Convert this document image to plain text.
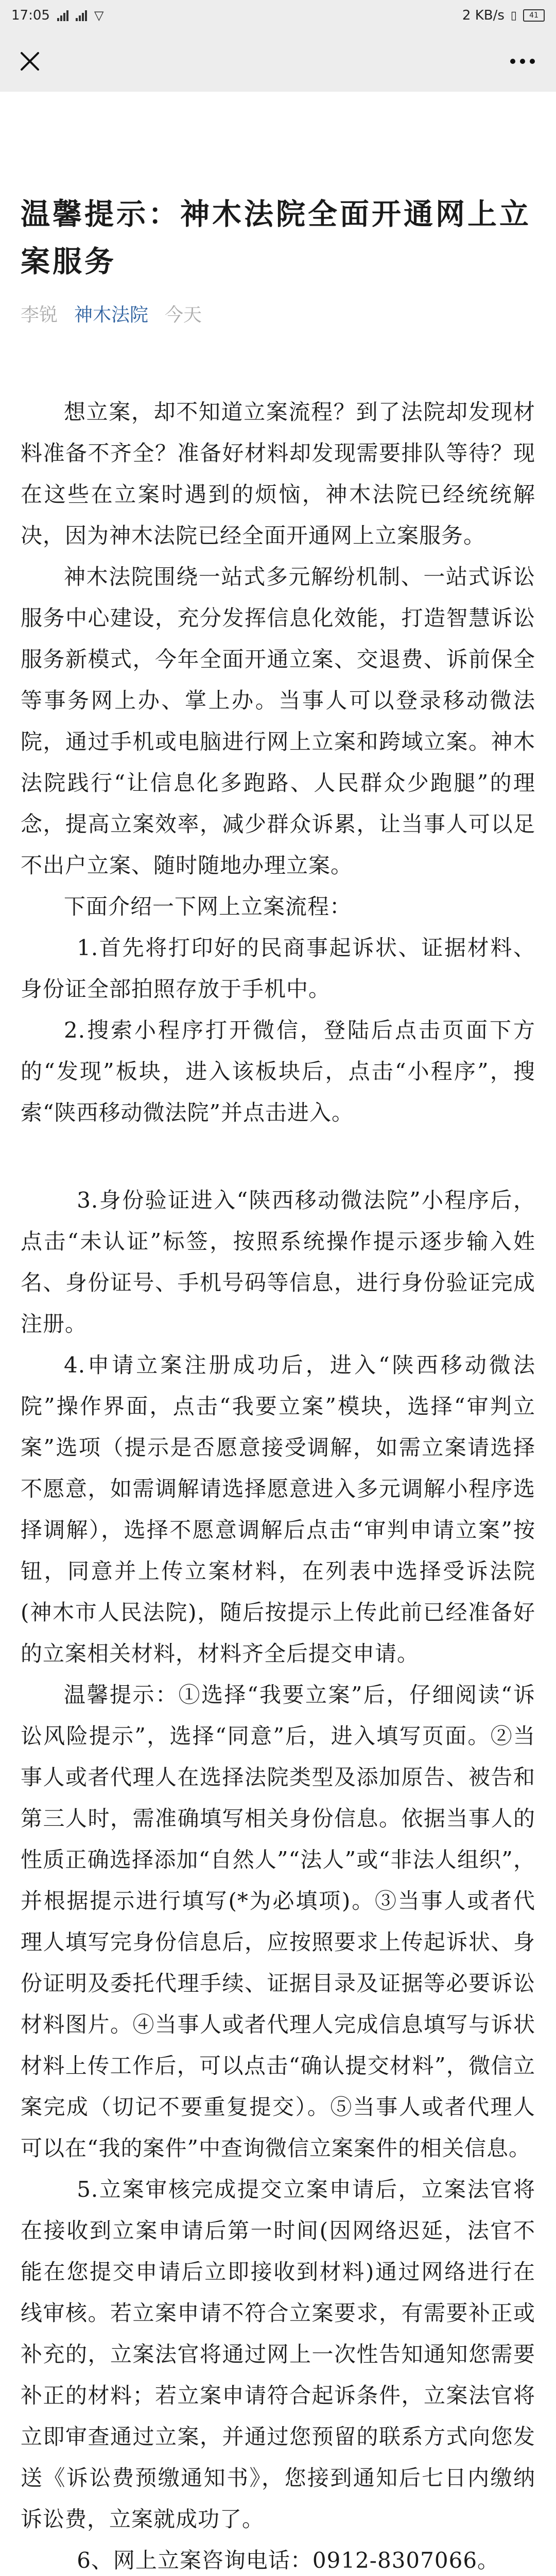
17:05	▽	2 KB/s ▯	41
温馨提示：神木法院全面开通网上立案服务
李锐 神木法院 今天

想立案，却不知道立案流程？到了法院却发现材料准备不齐全？准备好材料却发现需要排队等待？现在这些在立案时遇到的烦恼，神木法院已经统统解决，因为神木法院已经全面开通网上立案服务。

神木法院围绕一站式多元解纷机制、一站式诉讼服务中心建设，充分发挥信息化效能，打造智慧诉讼服务新模式，今年全面开通立案、交退费、诉前保全等事务网上办、掌上办。当事人可以登录移动微法院，通过手机或电脑进行网上立案和跨域立案。神木法院践行“让信息化多跑路、人民群众少跑腿”的理念，提高立案效率，减少群众诉累，让当事人可以足不出户立案、随时随地办理立案。

下面介绍一下网上立案流程：

1.首先将打印好的民商事起诉状、证据材料、身份证全部拍照存放于手机中。

2.搜索小程序打开微信，登陆后点击页面下方的“发现”板块，进入该板块后，点击“小程序”，搜索“陕西移动微法院”并点击进入。

3.身份验证进入“陕西移动微法院”小程序后，点击“未认证”标签，按照系统操作提示逐步输入姓名、身份证号、手机号码等信息，进行身份验证完成注册。

4.申请立案注册成功后，进入“陕西移动微法院”操作界面，点击“我要立案”模块，选择“审判立案”选项（提示是否愿意接受调解，如需立案请选择不愿意，如需调解请选择愿意进入多元调解小程序选择调解），选择不愿意调解后点击“审判申请立案”按钮，同意并上传立案材料，在列表中选择受诉法院(神木市人民法院)，随后按提示上传此前已经准备好的立案相关材料，材料齐全后提交申请。

温馨提示：①选择“我要立案”后，仔细阅读“诉讼风险提示”，选择“同意”后，进入填写页面。②当事人或者代理人在选择法院类型及添加原告、被告和第三人时，需准确填写相关身份信息。依据当事人的性质正确选择添加“自然人”“法人”或“非法人组织”，并根据提示进行填写(*为必填项)。③当事人或者代理人填写完身份信息后，应按照要求上传起诉状、身份证明及委托代理手续、证据目录及证据等必要诉讼材料图片。④当事人或者代理人完成信息填写与诉状材料上传工作后，可以点击“确认提交材料”，微信立案完成（切记不要重复提交）。⑤当事人或者代理人可以在“我的案件”中查询微信立案案件的相关信息。

5.立案审核完成提交立案申请后，立案法官将在接收到立案申请后第一时间(因网络迟延，法官不能在您提交申请后立即接收到材料)通过网络进行在线审核。若立案申请不符合立案要求，有需要补正或补充的，立案法官将通过网上一次性告知通知您需要补正的材料；若立案申请符合起诉条件，立案法官将立即审查通过立案，并通过您预留的联系方式向您发送《诉讼费预缴通知书》，您接到通知后七日内缴纳诉讼费，立案就成功了。

6、网上立案咨询电话：0912-8307066。
